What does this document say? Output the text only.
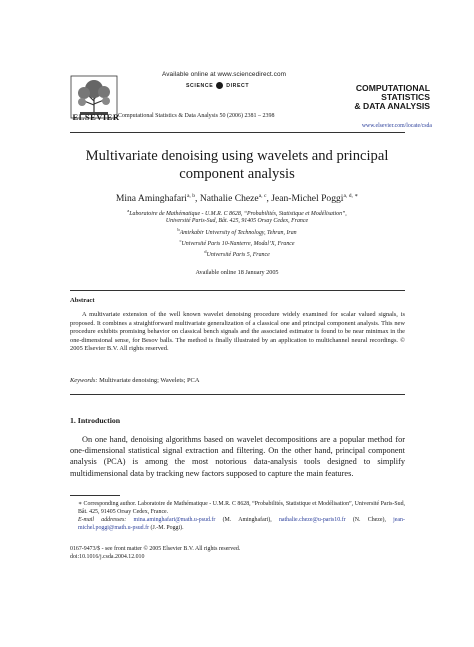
ELSEVIER
Available online at www.sciencedirect.com
SCIENCE	DIRECT
Computational Statistics & Data Analysis 50 (2006) 2381 – 2398
COMPUTATIONAL
STATISTICS
& DATA ANALYSIS
www.elsevier.com/locate/csda
Multivariate denoising using wavelets and principal
component analysis
Mina Aminghafari$^{a, b}$, Nathalie Cheze$^{a, c}$, Jean-Michel Poggi$^{a, d, ∗}$
$^a$Laboratoire de Mathématique - U.M.R. C 8628, “Probabilités, Statistique et Modélisation”,
Université Paris-Sud, Bât. 425, 91405 Orsay Cedex, France
$^b$Amirkabir University of Technology, Tehran, Iran
$^c$Université Paris 10-Nanterre, Modal’X, France
$^d$Université Paris 5, France
Available online 18 January 2005
Abstract
A multivariate extension of the well known wavelet denoising procedure widely examined for scalar valued signals, is proposed. It combines a straightforward multivariate generalization of a classical one and principal component analysis. This new procedure exhibits promising behavior on classical bench signals and the associated estimator is found to be near minimax in the one-dimensional sense, for Besov balls. The method is finally illustrated by an application to multichannel neural recordings. © 2005 Elsevier B.V. All rights reserved.
Keywords: Multivariate denoising; Wavelets; PCA
1. Introduction
On one hand, denoising algorithms based on wavelet decompositions are a popular method for one-dimensional statistical signal extraction and filtering. On the other hand, principal component analysis (PCA) is among the most notorious data-analysis tools designed to simplify multidimensional data by tracking new factors supposed to capture the main features.
∗ Corresponding author. Laboratoire de Mathématique - U.M.R. C 8628, “Probabilités, Statistique et Modélisation”, Université Paris-Sud, Bât. 425, 91405 Orsay Cedex, France.
E-mail addresses: mina.aminghafari@math.u-psud.fr (M. Aminghafari), nathalie.cheze@u-paris10.fr (N. Cheze), jean-michel.poggi@math.u-psud.fr (J.-M. Poggi).
0167-9473/$ - see front matter © 2005 Elsevier B.V. All rights reserved.
doi:10.1016/j.csda.2004.12.010
